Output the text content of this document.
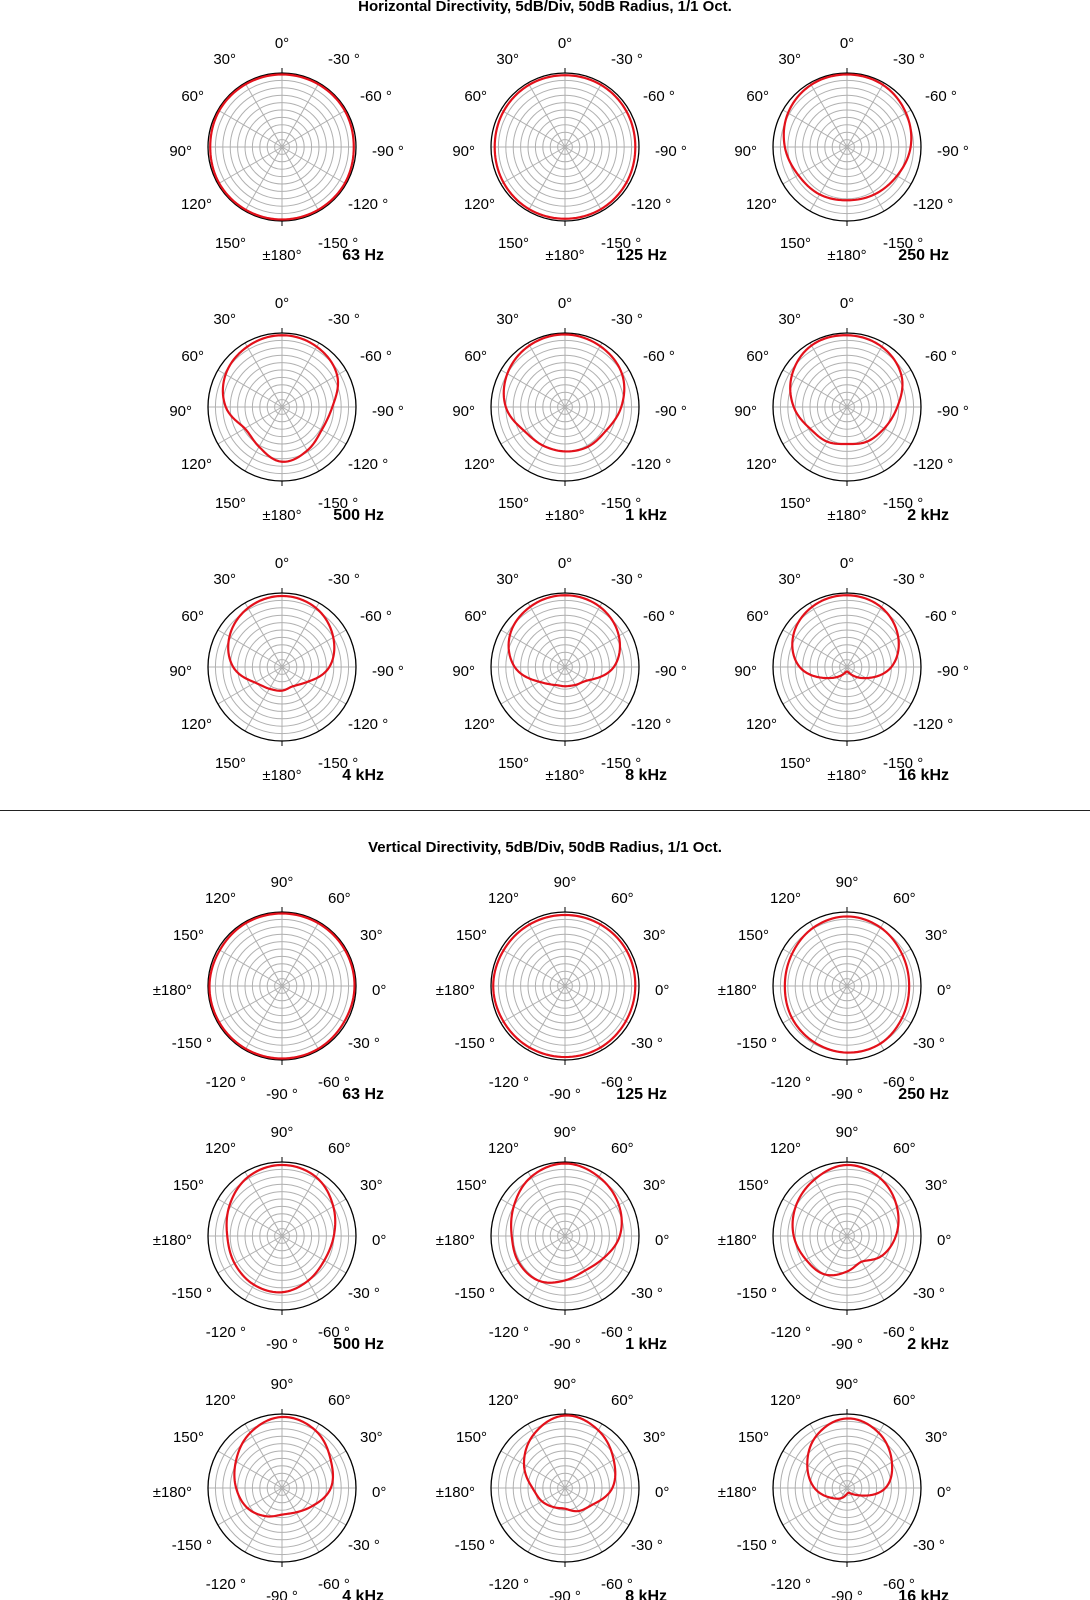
Horizontal Directivity, 5dB/Div, 50dB Radius, 1/1 Oct.
Vertical Directivity, 5dB/Div, 50dB Radius, 1/1 Oct.
0°
-30 °
-60 °
-90 °
-120 °
-150 °
±180°
150°
120°
90°
60°
30°
63 Hz
0°
-30 °
-60 °
-90 °
-120 °
-150 °
±180°
150°
120°
90°
60°
30°
125 Hz
0°
-30 °
-60 °
-90 °
-120 °
-150 °
±180°
150°
120°
90°
60°
30°
250 Hz
0°
-30 °
-60 °
-90 °
-120 °
-150 °
±180°
150°
120°
90°
60°
30°
500 Hz
0°
-30 °
-60 °
-90 °
-120 °
-150 °
±180°
150°
120°
90°
60°
30°
1 kHz
0°
-30 °
-60 °
-90 °
-120 °
-150 °
±180°
150°
120°
90°
60°
30°
2 kHz
0°
-30 °
-60 °
-90 °
-120 °
-150 °
±180°
150°
120°
90°
60°
30°
4 kHz
0°
-30 °
-60 °
-90 °
-120 °
-150 °
±180°
150°
120°
90°
60°
30°
8 kHz
0°
-30 °
-60 °
-90 °
-120 °
-150 °
±180°
150°
120°
90°
60°
30°
16 kHz
90°
60°
30°
0°
-30 °
-60 °
-90 °
-120 °
-150 °
±180°
150°
120°
63 Hz
90°
60°
30°
0°
-30 °
-60 °
-90 °
-120 °
-150 °
±180°
150°
120°
125 Hz
90°
60°
30°
0°
-30 °
-60 °
-90 °
-120 °
-150 °
±180°
150°
120°
250 Hz
90°
60°
30°
0°
-30 °
-60 °
-90 °
-120 °
-150 °
±180°
150°
120°
500 Hz
90°
60°
30°
0°
-30 °
-60 °
-90 °
-120 °
-150 °
±180°
150°
120°
1 kHz
90°
60°
30°
0°
-30 °
-60 °
-90 °
-120 °
-150 °
±180°
150°
120°
2 kHz
90°
60°
30°
0°
-30 °
-60 °
-90 °
-120 °
-150 °
±180°
150°
120°
4 kHz
90°
60°
30°
0°
-30 °
-60 °
-90 °
-120 °
-150 °
±180°
150°
120°
8 kHz
90°
60°
30°
0°
-30 °
-60 °
-90 °
-120 °
-150 °
±180°
150°
120°
16 kHz
